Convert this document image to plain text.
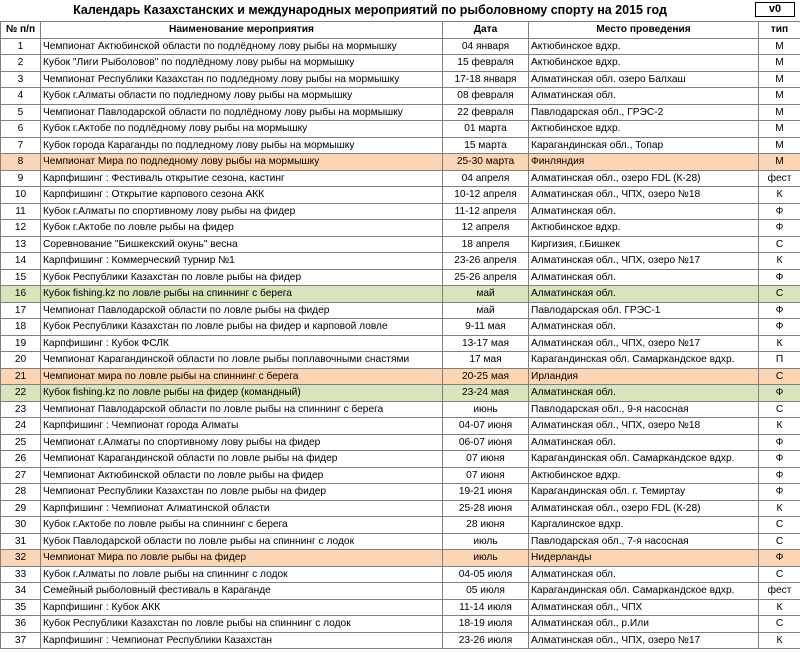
Календарь Казахстанских и международных мероприятий по рыболовному спорту на 2015 год	v0
№ п/п	Наименование мероприятия	Дата	Место проведения	тип
1	Чемпионат Актюбинской области по подлёдному лову рыбы на мормышку	04 января	Актюбинское вдхр.	М
2	Кубок "Лиги Рыболовов" по подлёдному лову рыбы на мормышку	15 февраля	Актюбинское вдхр.	М
3	Чемпионат Республики Казахстан по подледному лову рыбы на мормышку	17-18 января	Алматинская обл. озеро Балхаш	М
4	Кубок г.Алматы области по подледному лову рыбы на мормышку	08 февраля	Алматинская обл.	М
5	Чемпионат Павлодарской области по подлёдному лову рыбы на мормышку	22 февраля	Павлодарская обл., ГРЭС-2	М
6	Кубок г.Актобе по подлёдному лову рыбы на мормышку	01 марта	Актюбинское вдхр.	М
7	Кубок города Караганды по подледному лову рыбы на мормышку	15 марта	Карагандинская обл., Топар	М
8	Чемпионат Мира по подледному лову рыбы на мормышку	25-30 марта	Финляндия	М
9	Карпфишинг : Фестиваль открытие сезона, кастинг	04 апреля	Алматинская обл., озеро FDL (К-28)	фест
10	Карпфишинг : Открытие карпового сезона АКК	10-12 апреля	Алматинская обл., ЧПХ, озеро №18	К
11	Кубок г.Алматы по спортивному лову рыбы на фидер	11-12 апреля	Алматинская обл.	Ф
12	Кубок г.Актобе по ловле рыбы на фидер	12 апреля	Актюбинское вдхр.	Ф
13	Соревнование "Бишкекский окунь" весна	18 апреля	Киргизия, г.Бишкек	С
14	Карпфишинг : Коммерческий турнир №1	23-26 апреля	Алматинская обл., ЧПХ, озеро №17	К
15	Кубок Республики Казахстан по ловле рыбы на фидер	25-26 апреля	Алматинская обл.	Ф
16	Кубок fishing.kz по ловле рыбы на спиннинг с берега	май	Алматинская обл.	С
17	Чемпионат Павлодарской области по ловле рыбы на фидер	май	Павлодарская обл. ГРЭС-1	Ф
18	Кубок Республики Казахстан по ловле рыбы на фидер и карповой ловле	9-11 мая	Алматинская обл.	Ф
19	Карпфишинг : Кубок ФСЛК	13-17 мая	Алматинская обл., ЧПХ, озеро №17	К
20	Чемпионат Карагандинской области по ловле рыбы поплавочными снастями	17 мая	Карагандинская обл. Самаркандское вдхр.	П
21	Чемпионат мира по ловле рыбы на спиннинг с берега	20-25 мая	Ирландия	С
22	Кубок fishing.kz по ловле рыбы на фидер (командный)	23-24 мая	Алматинская обл.	Ф
23	Чемпионат Павлодарской области по ловле рыбы на спиннинг с берега	июнь	Павлодарская обл., 9-я насосная	С
24	Карпфишинг : Чемпионат города Алматы	04-07 июня	Алматинская обл., ЧПХ, озеро №18	К
25	Чемпионат г.Алматы по спортивному лову рыбы на фидер	06-07 июня	Алматинская обл.	Ф
26	Чемпионат Карагандинской области по ловле рыбы на фидер	07 июня	Карагандинская обл. Самаркандское вдхр.	Ф
27	Чемпионат Актюбинской области по ловле рыбы на фидер	07 июня	Актюбинское вдхр.	Ф
28	Чемпионат Республики Казахстан по ловле рыбы на фидер	19-21 июня	Карагандинская обл. г. Темиртау	Ф
29	Карпфишинг : Чемпионат Алматинской области	25-28 июня	Алматинская обл., озеро FDL (К-28)	К
30	Кубок г.Актобе по ловле рыбы на спиннинг с берега	28 июня	Каргалинское вдхр.	С
31	Кубок Павлодарской области по ловле рыбы на спиннинг с лодок	июль	Павлодарская обл., 7-я насосная	С
32	Чемпионат Мира по ловле рыбы на фидер	июль	Нидерланды	Ф
33	Кубок г.Алматы по ловле рыбы на спиннинг с лодок	04-05 июля	Алматинская обл.	С
34	Семейный рыболовный фестиваль в Караганде	05 июля	Карагандинская обл. Самаркандское вдхр.	фест
35	Карпфишинг : Кубок АКК	11-14 июля	Алматинская обл., ЧПХ	К
36	Кубок Республики Казахстан по ловле рыбы на спиннинг с лодок	18-19 июля	Алматинская обл., р.Или	С
37	Карпфишинг : Чемпионат Республики Казахстан	23-26 июля	Алматинская обл., ЧПХ, озеро №17	К
